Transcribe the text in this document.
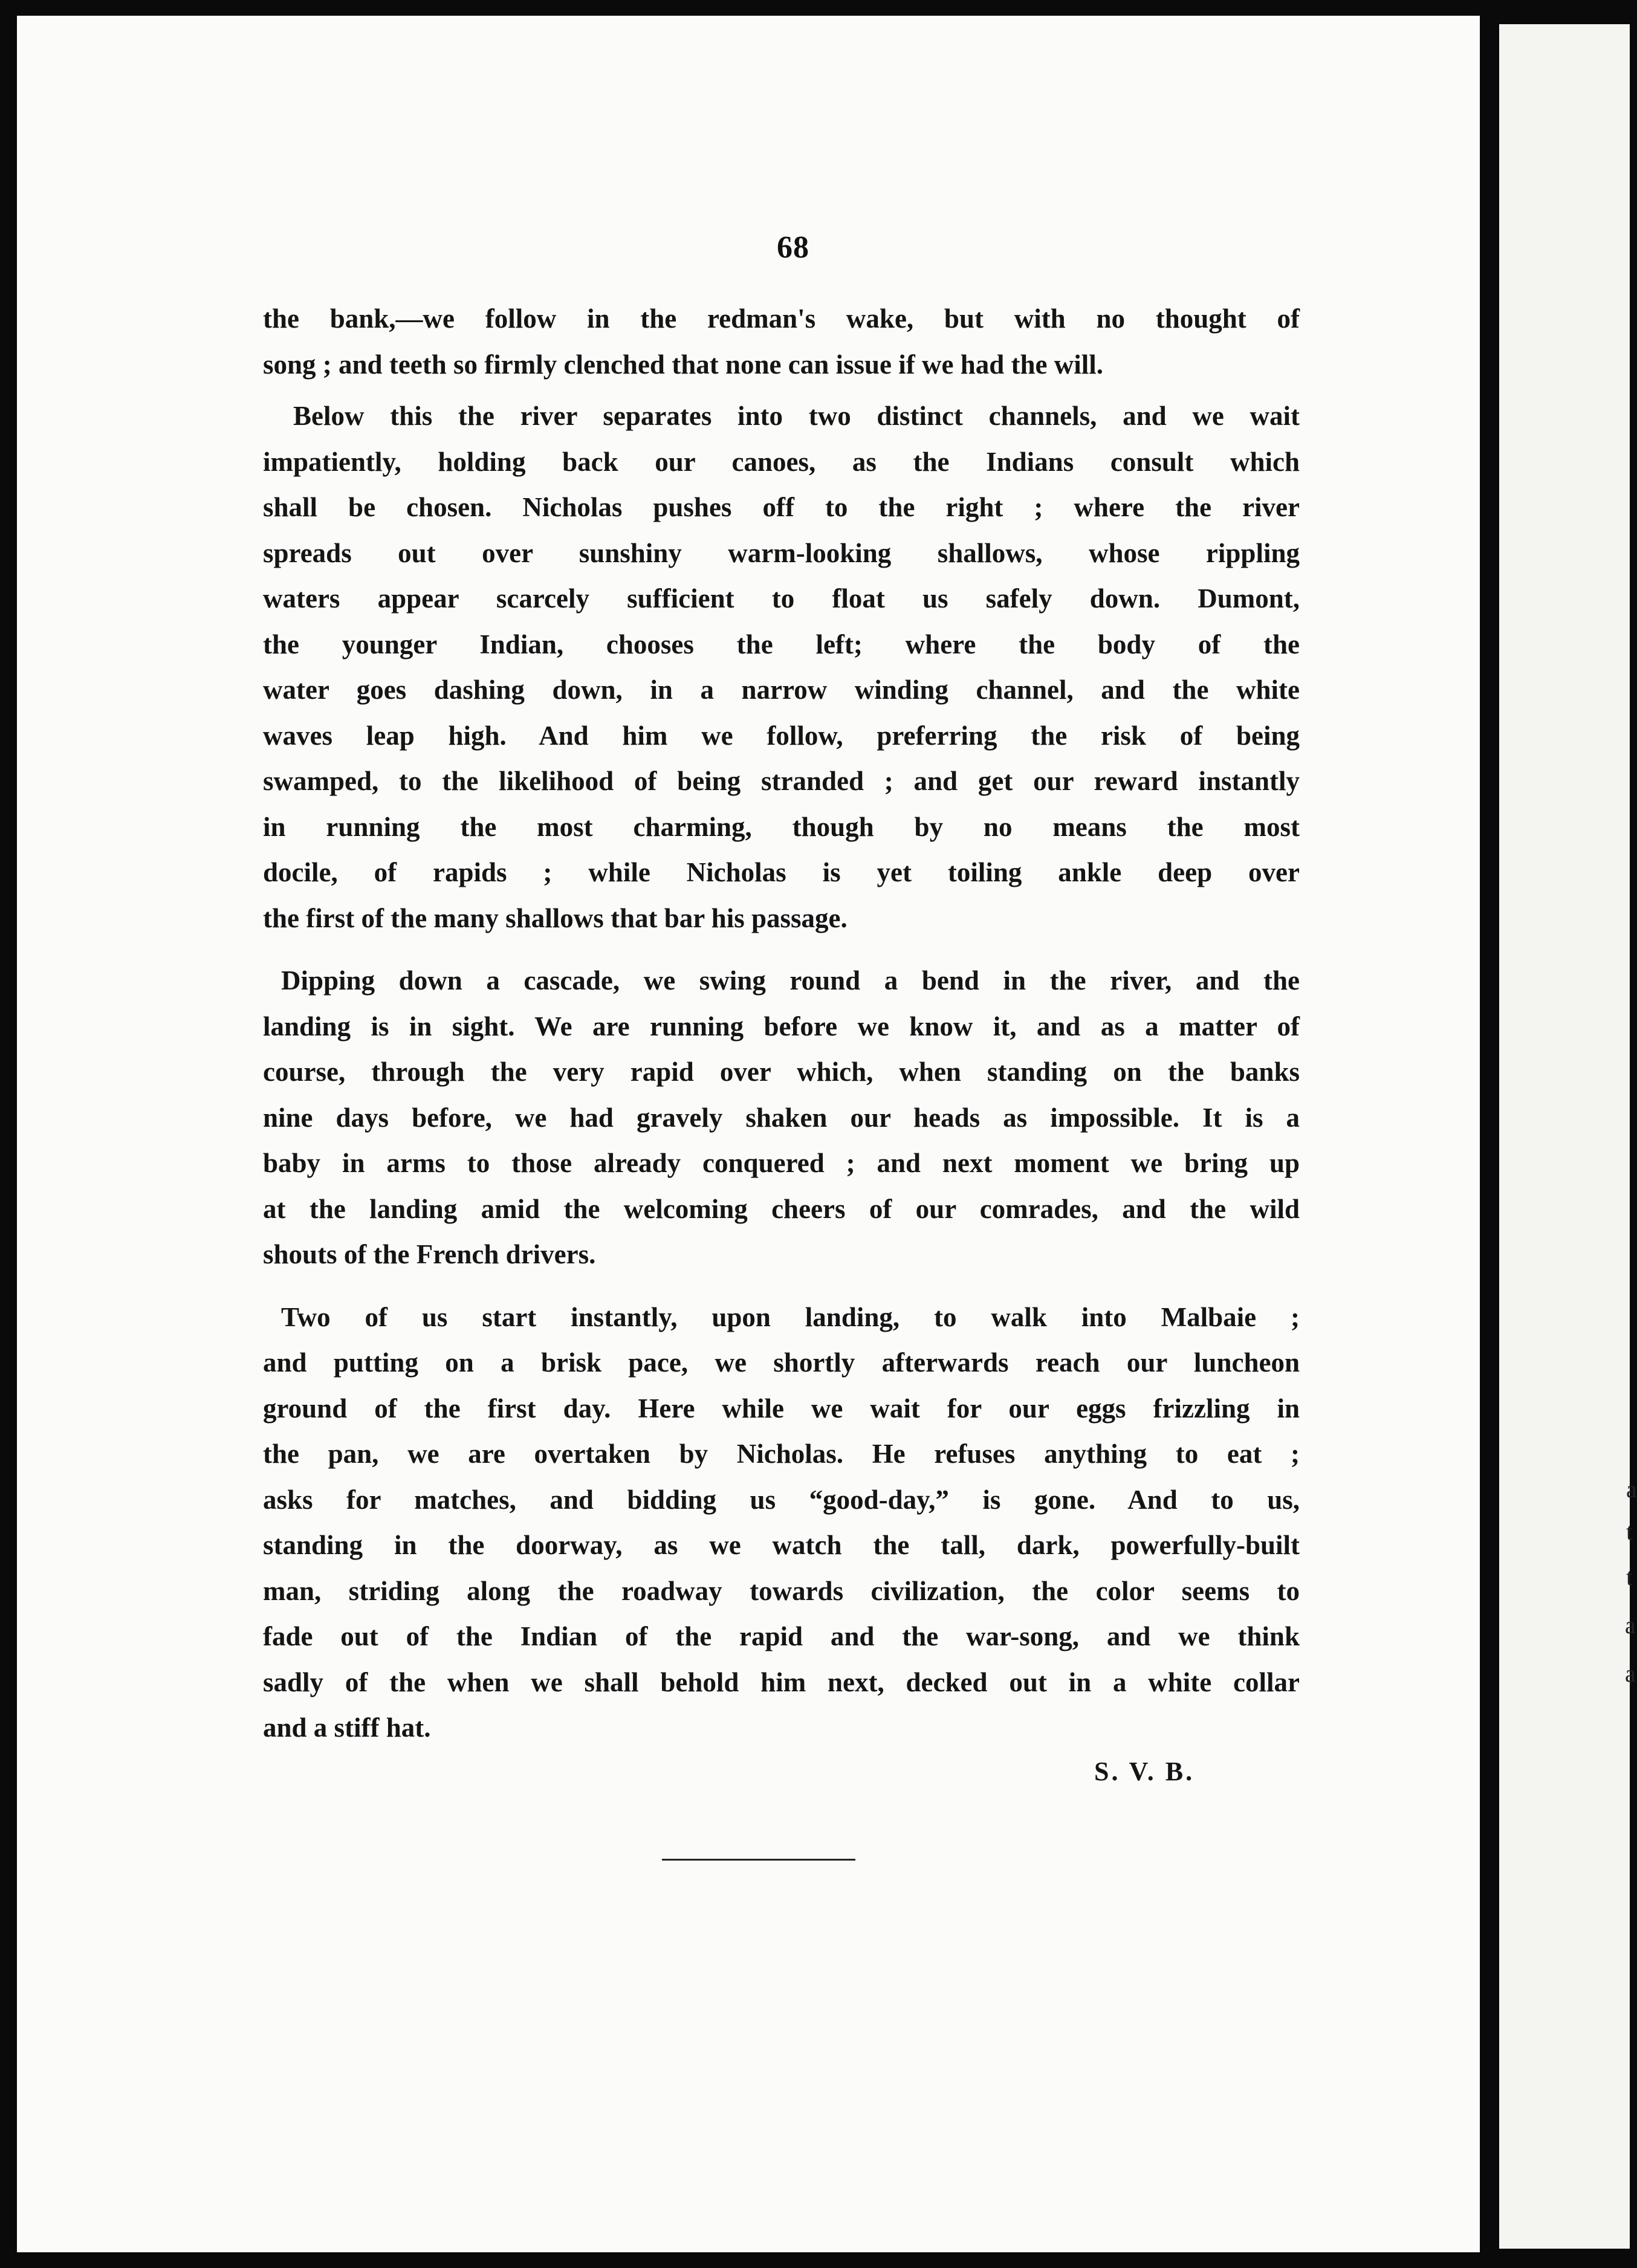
68
the bank,—we follow in the redman's wake, but with no thought of
song ; and teeth so firmly clenched that none can issue if we had the will.
Below this the river separates into two distinct channels, and we wait
impatiently, holding back our canoes, as the Indians consult which
shall be chosen. Nicholas pushes off to the right ; where the river
spreads out over sunshiny warm-looking shallows, whose rippling
waters appear scarcely sufficient to float us safely down. Dumont,
the younger Indian, chooses the left; where the body of the
water goes dashing down, in a narrow winding channel, and the white
waves leap high. And him we follow, preferring the risk of being
swamped, to the likelihood of being stranded ; and get our reward instantly
in running the most charming, though by no means the most
docile, of rapids ; while Nicholas is yet toiling ankle deep over
the first of the many shallows that bar his passage.
Dipping down a cascade, we swing round a bend in the river, and the
landing is in sight. We are running before we know it, and as a matter of
course, through the very rapid over which, when standing on the banks
nine days before, we had gravely shaken our heads as impossible. It is a
baby in arms to those already conquered ; and next moment we bring up
at the landing amid the welcoming cheers of our comrades, and the wild
shouts of the French drivers.
Two of us start instantly, upon landing, to walk into Malbaie ;
and putting on a brisk pace, we shortly afterwards reach our luncheon
ground of the first day. Here while we wait for our eggs frizzling in
the pan, we are overtaken by Nicholas. He refuses anything to eat ;
asks for matches, and bidding us “good-day,” is gone. And to us,
standing in the doorway, as we watch the tall, dark, powerfully-built
man, striding along the roadway towards civilization, the color seems to
fade out of the Indian of the rapid and the war-song, and we think
sadly of the when we shall behold him next, decked out in a white collar
and a stiff hat.
S. V. B.
a
t
t
a
a
